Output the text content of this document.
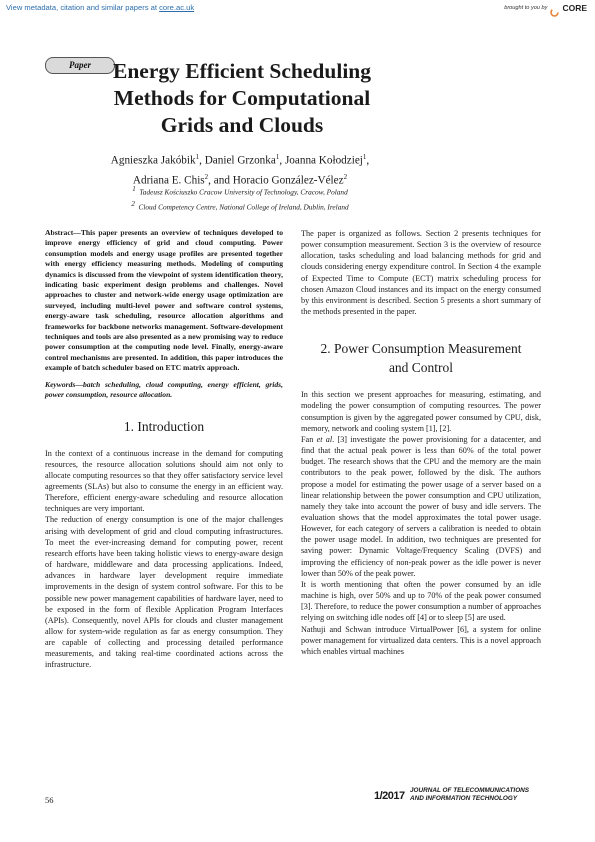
View metadata, citation and similar papers at core.ac.uk	brought to you by CORE
Paper	Energy Efficient Scheduling Methods for Computational Grids and Clouds
Agnieszka Jakóbik$^1$, Daniel Grzonka$^1$, Joanna Kołodziej$^1$,
Adriana E. Chis$^2$, and Horacio González-Vélez$^2$
$^1$ Tadeusz Kościuszko Cracow University of Technology, Cracow, Poland
$^2$ Cloud Competency Centre, National College of Ireland, Dublin, Ireland

Abstract—This paper presents an overview of techniques developed to improve energy efficiency of grid and cloud computing. Power consumption models and energy usage profiles are presented together with energy efficiency measuring methods. Modeling of computing dynamics is discussed from the viewpoint of system identification theory, indicating basic experiment design problems and challenges. Novel approaches to cluster and network-wide energy usage optimization are surveyed, including multi-level power and software control systems, energy-aware task scheduling, resource allocation algorithms and frameworks for backbone networks management. Software-development techniques and tools are also presented as a new promising way to reduce power consumption at the computing node level. Finally, energy-aware control mechanisms are presented. In addition, this paper introduces the example of batch scheduler based on ETC matrix approach.

Keywords—batch scheduling, cloud computing, energy efficient, grids, power consumption, resource allocation.

1. Introduction

In the context of a continuous increase in the demand for computing resources, the resource allocation solutions should aim not only to allocate computing resources so that they offer satisfactory service level agreements (SLAs) but also to consume the energy in an efficient way. Therefore, efficient energy-aware scheduling and resource allocation techniques are very important.

The reduction of energy consumption is one of the major challenges arising with development of grid and cloud computing infrastructures. To meet the ever-increasing demand for computing power, recent research efforts have been taking holistic views to energy-aware design of hardware, middleware and data processing applications. Indeed, advances in hardware layer development require immediate improvements in the design of system control software. For this to be possible new power management capabilities of hardware layer, need to be exposed in the form of flexible Application Program Interfaces (APIs). Consequently, novel APIs for clouds and cluster management allow for system-wide regulation as far as energy consumption. They are capable of collecting and processing detailed performance measurements, and taking real-time coordinated actions across the infrastructure.

The paper is organized as follows. Section 2 presents techniques for power consumption measurement. Section 3 is the overview of resource allocation, tasks scheduling and load balancing methods for grid and clouds considering energy expenditure control. In Section 4 the example of Expected Time to Compute (ECT) matrix scheduling process for chosen Amazon Cloud instances and its impact on the energy consumed by this environment is described. Section 5 presents a short summary of the methods presented in the paper.

2. Power Consumption Measurement
and Control

In this section we present approaches for measuring, estimating, and modeling the power consumption of computing resources. The power consumption is given by the aggregated power consumed by CPU, disk, memory, network and cooling system [1], [2].

Fan et al. [3] investigate the power provisioning for a datacenter, and find that the actual peak power is less than 60% of the total power budget. The research shows that the CPU and the memory are the main contributors to the peak power, followed by the disk. The authors propose a model for estimating the power usage of a server based on a linear relationship between the power consumption and CPU utilization, namely they take into account the power of busy and idle servers. The evaluation shows that the model approximates the total power usage. However, for each category of servers a calibration is needed to obtain the power usage model. In addition, two techniques are presented for saving power: Dynamic Voltage/Frequency Scaling (DVFS) and improving the efficiency of non-peak power as the idle power is never lower than 50% of the peak power.

It is worth mentioning that often the power consumed by an idle machine is high, over 50% and up to 70% of the peak power consumed [3]. Therefore, to reduce the power consumption a number of approaches relying on switching idle nodes off [4] or to sleep [5] are used.

Nathuji and Schwan introduce VirtualPower [6], a system for online power management for virtualized data centers. This is a novel approach which enables virtual machines

56	1/2017 JOURNAL OF TELECOMMUNICATIONS
AND INFORMATION TECHNOLOGY
